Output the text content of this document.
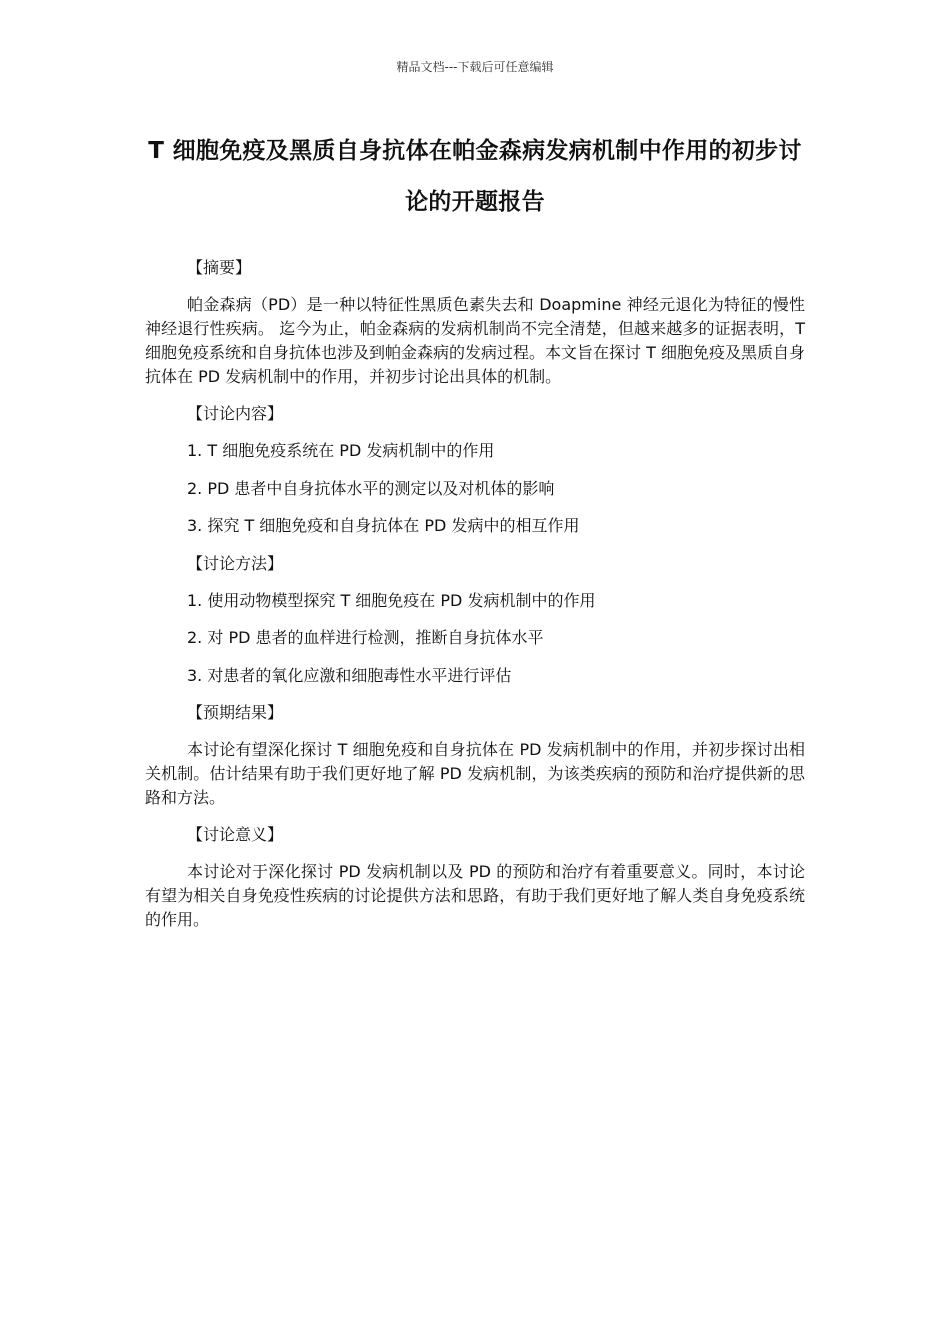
精品文档---下载后可任意编辑
T 细胞免疫及黑质自身抗体在帕金森病发病机制中作用的初步讨论的开题报告

【摘要】

帕金森病（PD）是一种以特征性黑质色素失去和 Doapmine 神经元退化为特征的慢性神经退行性疾病。 迄今为止，帕金森病的发病机制尚不完全清楚，但越来越多的证据表明，T 细胞免疫系统和自身抗体也涉及到帕金森病的发病过程。本文旨在探讨 T 细胞免疫及黑质自身抗体在 PD 发病机制中的作用，并初步讨论出具体的机制。

【讨论内容】

1. T 细胞免疫系统在 PD 发病机制中的作用

2. PD 患者中自身抗体水平的测定以及对机体的影响

3. 探究 T 细胞免疫和自身抗体在 PD 发病中的相互作用

【讨论方法】

1. 使用动物模型探究 T 细胞免疫在 PD 发病机制中的作用

2. 对 PD 患者的血样进行检测，推断自身抗体水平

3. 对患者的氧化应激和细胞毒性水平进行评估

【预期结果】

本讨论有望深化探讨 T 细胞免疫和自身抗体在 PD 发病机制中的作用，并初步探讨出相关机制。估计结果有助于我们更好地了解 PD 发病机制，为该类疾病的预防和治疗提供新的思路和方法。

【讨论意义】

本讨论对于深化探讨 PD 发病机制以及 PD 的预防和治疗有着重要意义。同时，本讨论有望为相关自身免疫性疾病的讨论提供方法和思路，有助于我们更好地了解人类自身免疫系统的作用。
